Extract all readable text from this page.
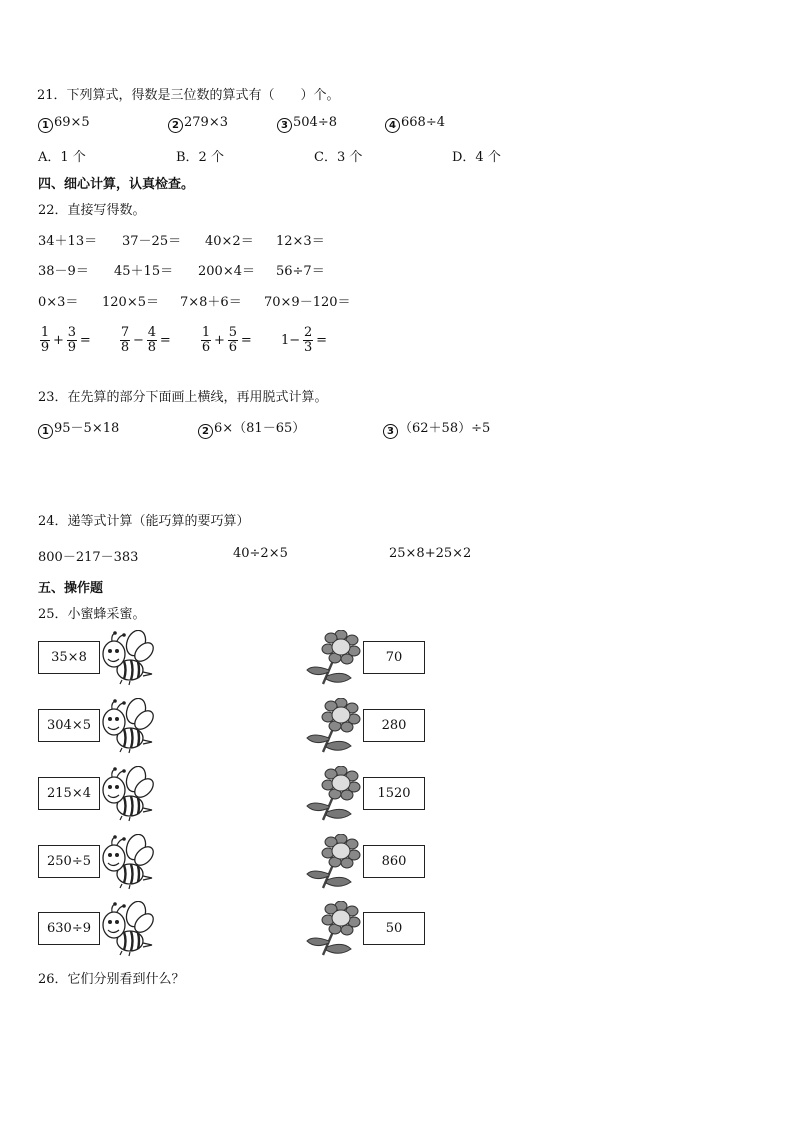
21．下列算式，得数是三位数的算式有（　　）个。
1 69×5	2 279×3	3 504÷8	4 668÷4
A．1 个	B．2 个	C．3 个	D．4 个
四、细心计算，认真检查。
22．直接写得数。
34＋13＝ 37－25＝ 40×2＝ 12×3＝
38－9＝ 45＋15＝ 200×4＝ 56÷7＝
0×3＝ 120×5＝ 7×8＋6＝ 70×9－120＝
$\frac{1}{9} + \frac{3}{9} = \frac{7}{8} - \frac{4}{8} = \frac{1}{6} + \frac{5}{6} = 1- \frac{2}{3}$ =
23．在先算的部分下面画上横线，再用脱式计算。
1 95－5×18	2 6×（81－65）	3 （62＋58）÷5
24．递等式计算（能巧算的要巧算）
800－217－383	40÷2×5	25×8+25×2
五、操作题
25．小蜜蜂采蜜。
35×8	70
304×5	280
215×4	1520
250÷5	860
630÷9	50
26．它们分别看到什么？
